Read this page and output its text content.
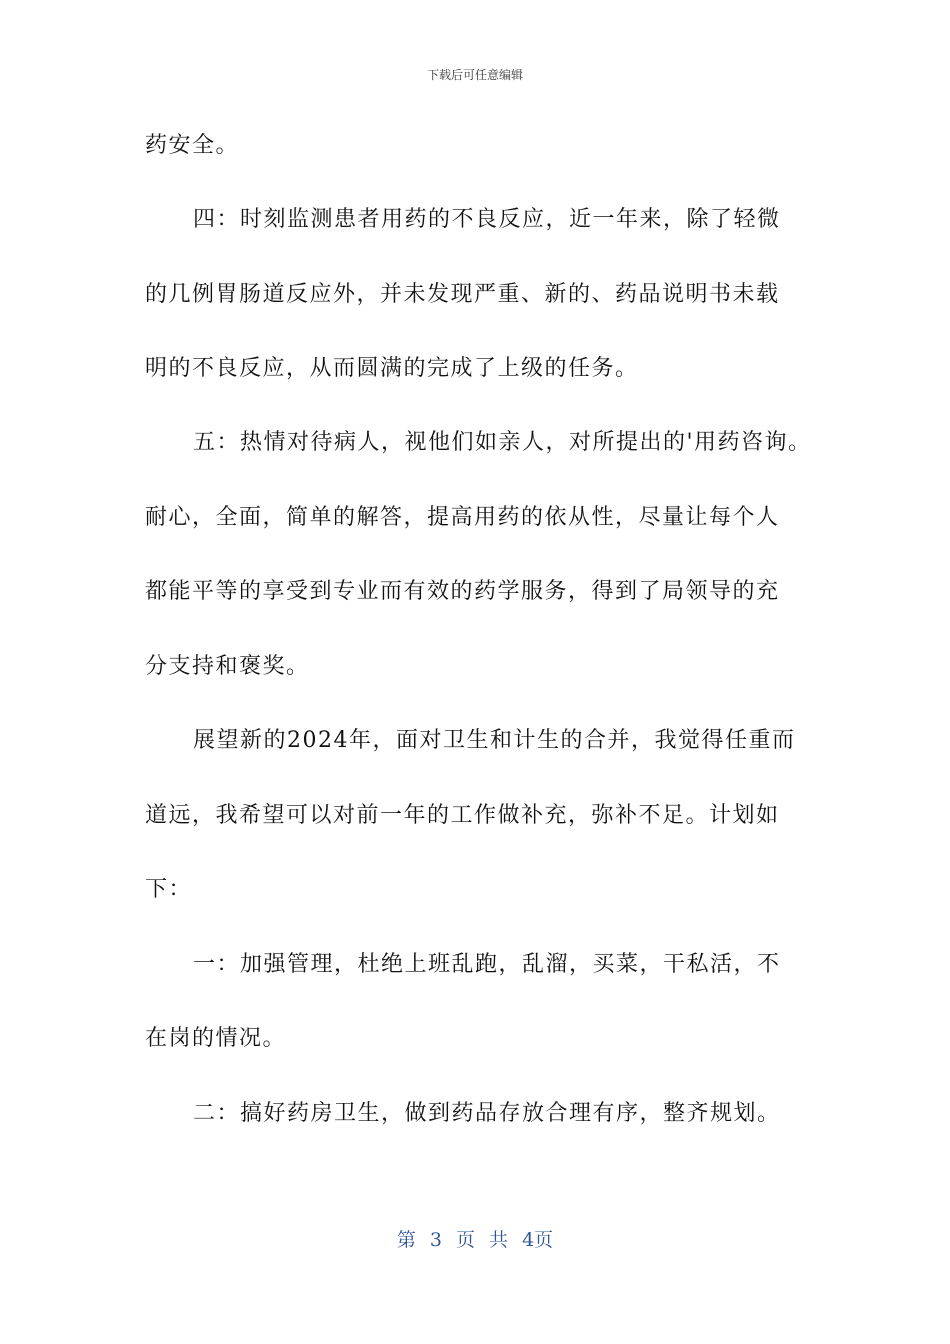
下载后可任意编辑
药安全。
四：时刻监测患者用药的不良反应，近一年来，除了轻微
的几例胃肠道反应外，并未发现严重、新的、药品说明书未载
明的不良反应，从而圆满的完成了上级的任务。
五：热情对待病人，视他们如亲人，对所提出的'用药咨询。
耐心，全面，简单的解答，提高用药的依从性，尽量让每个人
都能平等的享受到专业而有效的药学服务，得到了局领导的充
分支持和褒奖。
展望新的2024年，面对卫生和计生的合并，我觉得任重而
道远，我希望可以对前一年的工作做补充，弥补不足。计划如
下：
一：加强管理，杜绝上班乱跑，乱溜，买菜，干私活，不
在岗的情况。
二：搞好药房卫生，做到药品存放合理有序，整齐规划。
第 3 页 共 4页
